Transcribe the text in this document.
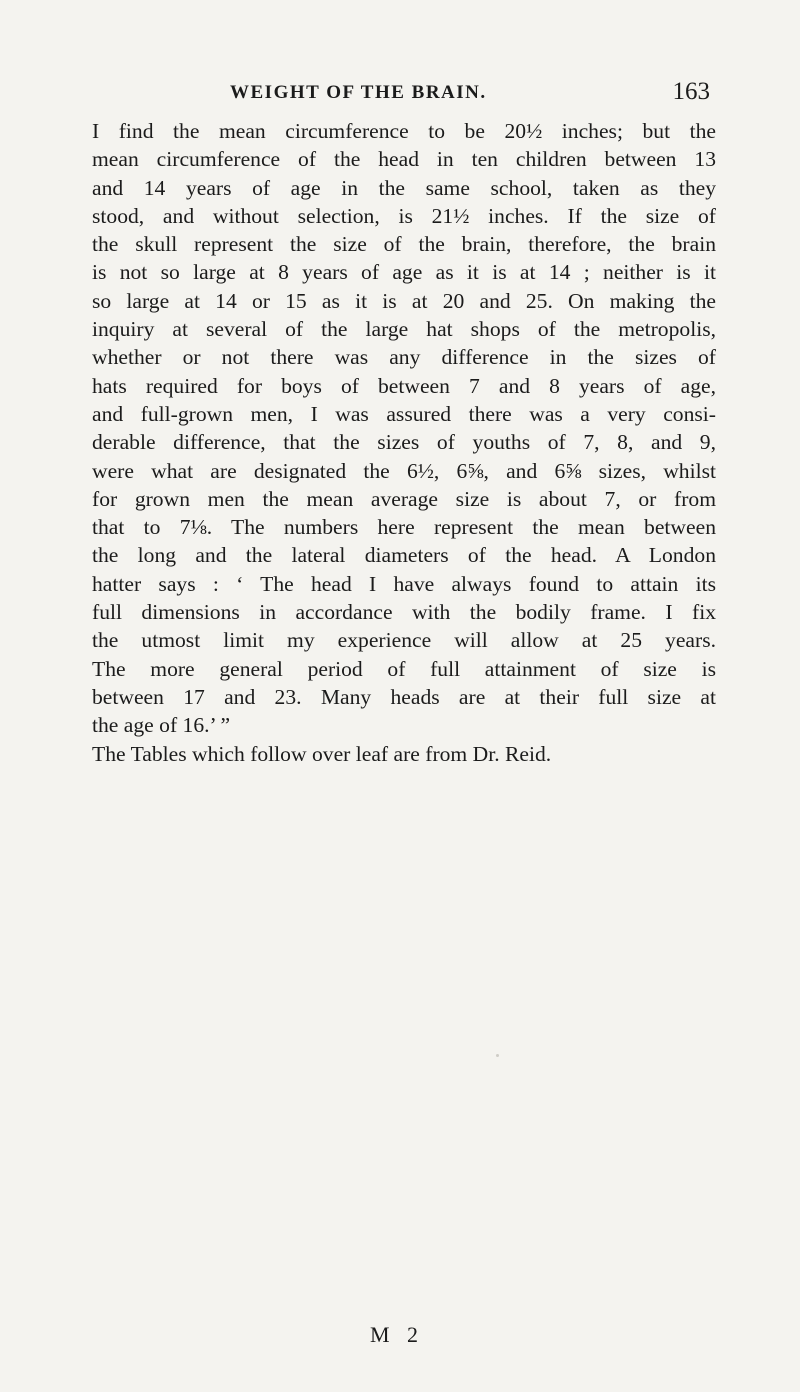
WEIGHT OF THE BRAIN.	163
I find the mean circumference to be 20½ inches; but the
mean circumference of the head in ten children between 13
and 14 years of age in the same school, taken as they
stood, and without selection, is 21½ inches. If the size of
the skull represent the size of the brain, therefore, the brain
is not so large at 8 years of age as it is at 14 ; neither is it
so large at 14 or 15 as it is at 20 and 25. On making the
inquiry at several of the large hat shops of the metropolis,
whether or not there was any difference in the sizes of
hats required for boys of between 7 and 8 years of age,
and full-grown men, I was assured there was a very consi-
derable difference, that the sizes of youths of 7, 8, and 9,
were what are designated the 6½, 6⅝, and 6⅝ sizes, whilst
for grown men the mean average size is about 7, or from
that to 7⅛. The numbers here represent the mean between
the long and the lateral diameters of the head. A London
hatter says : ‘ The head I have always found to attain its
full dimensions in accordance with the bodily frame. I fix
the utmost limit my experience will allow at 25 years.
The more general period of full attainment of size is
between 17 and 23. Many heads are at their full size at
the age of 16.’ ”
The Tables which follow over leaf are from Dr. Reid.
M 2
